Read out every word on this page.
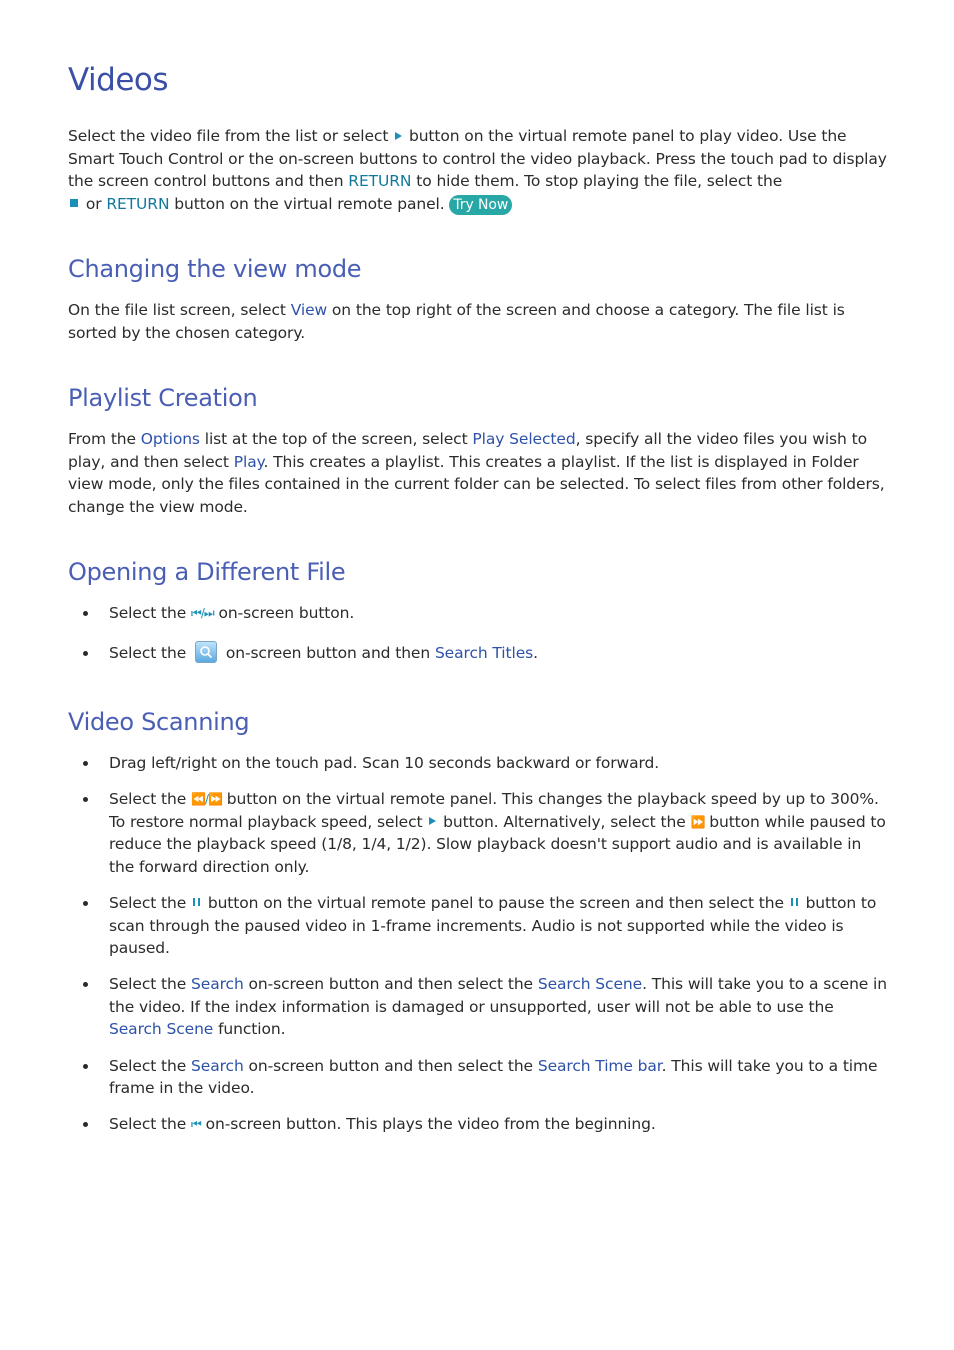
Videos

Select the video file from the list or select button on the virtual remote panel to play video. Use the Smart Touch Control or the on-screen buttons to control the video playback. Press the touch pad to display the screen control buttons and then RETURN to hide them. To stop playing the file, select the
or RETURN button on the virtual remote panel. Try Now

Changing the view mode

On the file list screen, select View on the top right of the screen and choose a category. The file list is sorted by the chosen category.

Playlist Creation

From the Options list at the top of the screen, select Play Selected, specify all the video files you wish to play, and then select Play. This creates a playlist. This creates a playlist. If the list is displayed in Folder view mode, only the files contained in the current folder can be selected. To select files from other folders, change the view mode.

Opening a Different File
Select the ⏮/⏭ on-screen button.
Select the	on-screen button and then Search Titles.
Video Scanning
Drag left/right on the touch pad. Scan 10 seconds backward or forward.
Select the ⏪/⏩ button on the virtual remote panel. This changes the playback speed by up to 300%. To restore normal playback speed, select button. Alternatively, select the ⏩ button while paused to reduce the playback speed (1/8, 1/4, 1/2). Slow playback doesn't support audio and is available in the forward direction only.
Select the button on the virtual remote panel to pause the screen and then select the button to scan through the paused video in 1-frame increments. Audio is not supported while the video is paused.
Select the Search on-screen button and then select the Search Scene. This will take you to a scene in the video. If the index information is damaged or unsupported, user will not be able to use the Search Scene function.
Select the Search on-screen button and then select the Search Time bar. This will take you to a time frame in the video.
Select the ⏮ on-screen button. This plays the video from the beginning.
